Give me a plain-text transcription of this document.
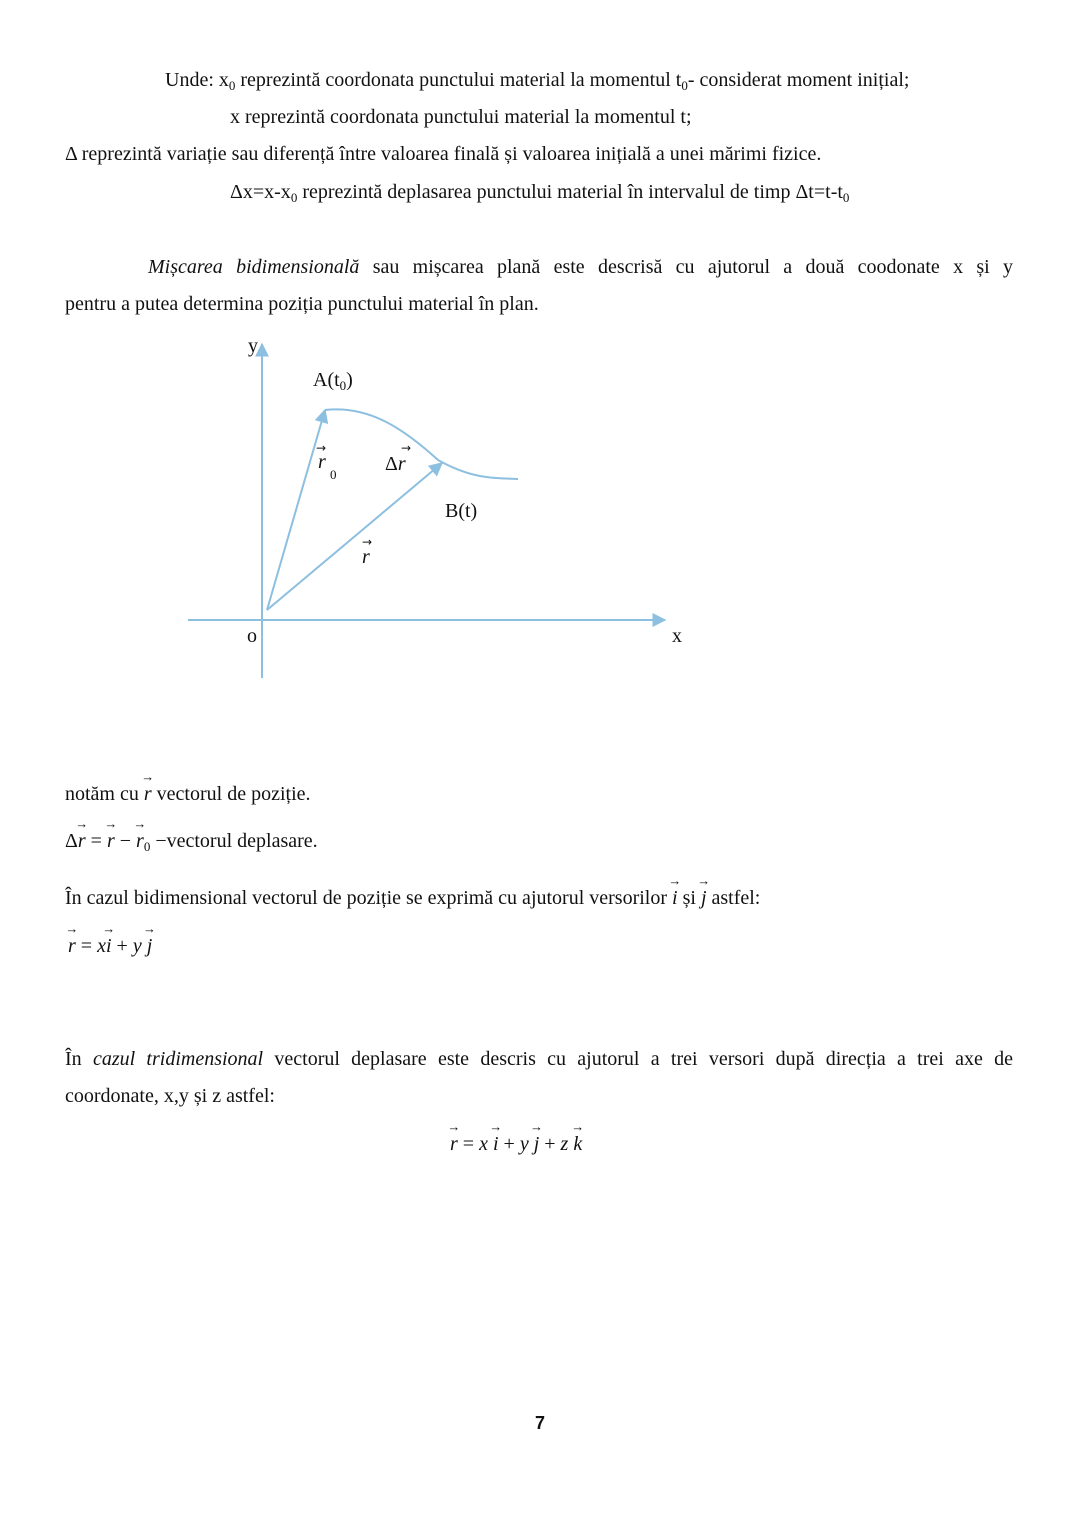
Unde: $x_0$ reprezintă coordonata punctului material la momentul $t_0-$ considerat moment inițial;
x reprezintă coordonata punctului material la momentul t;
Δ reprezintă variație sau diferență între valoarea finală și valoarea inițială a unei mărimi fizice.
$\Delta x=x-x_0$ reprezintă deplasarea punctului material în intervalul de timp $\Delta t=t-t_0$
Mișcarea bidimensională sau mișcarea plană este descrisă cu ajutorul a două coodonate x și y
pentru a putea determina poziția punctului material în plan.
y
x
o
$A(t_0)$
B(t)
→
r
0
→
Δr
→
r
notăm cu → r vectorul de poziție.
Δ→ r = → r − → $r_0$ −vectorul deplasare.
În cazul bidimensional vectorul de poziție se exprimă cu ajutorul versorilor → i și → j astfel:
→ r = x→ i + y → j
În cazul tridimensional vectorul deplasare este descris cu ajutorul a trei versori după direcția a trei axe de
coordonate, x,y și z astfel:
→ r = x → i + y → j + z → k
7
